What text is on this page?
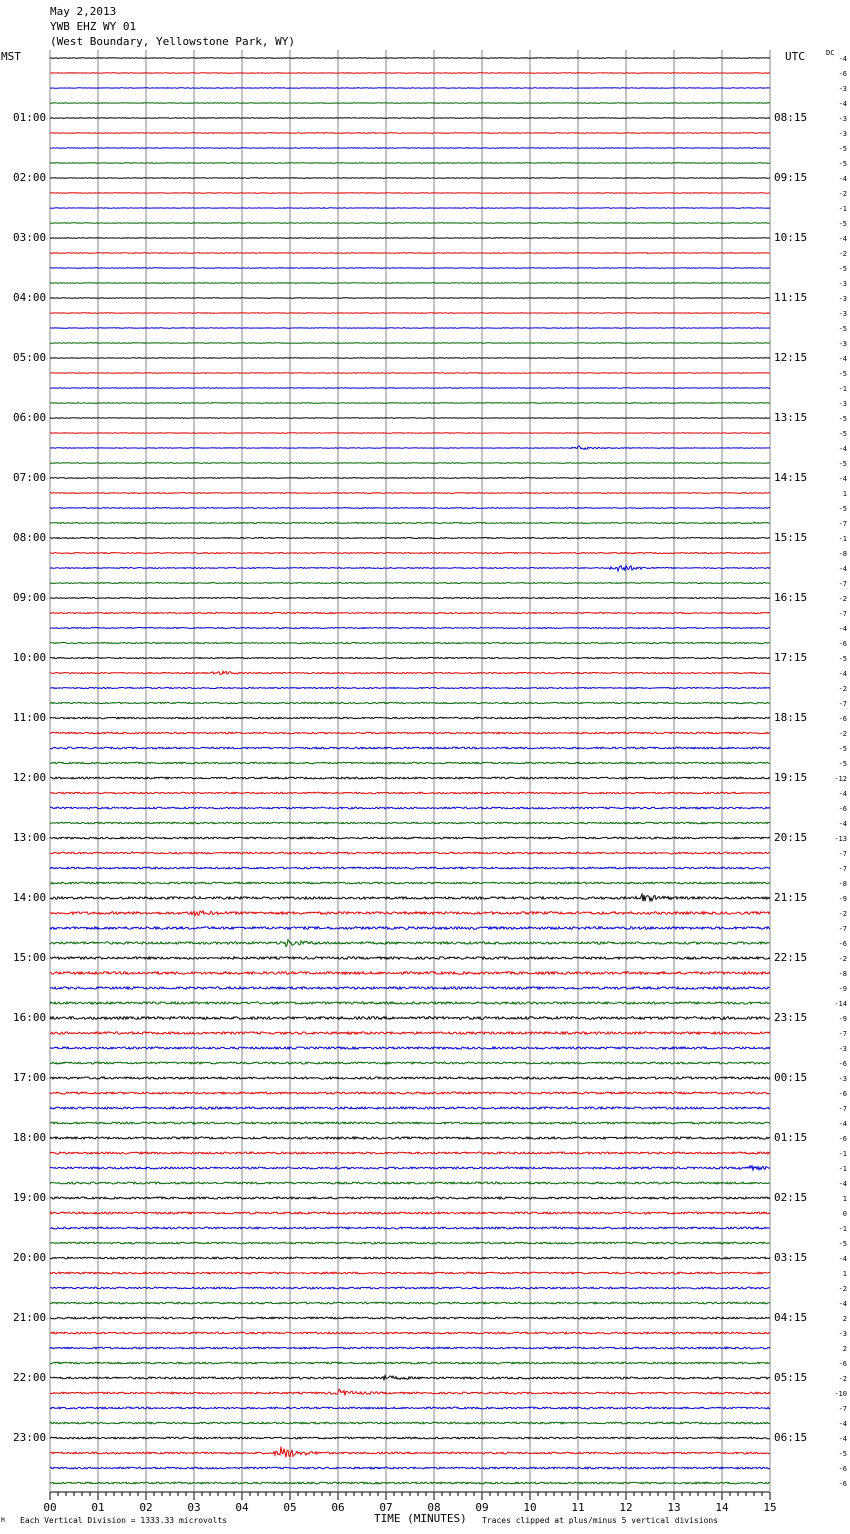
May 2,2013
YWB EHZ WY 01
(West Boundary, Yellowstone Park, WY)
MST	UTC	DC
-4
-6
-3
-4
-3
-3
-5
-5
-4
-2
-1
-5
-4
-2
-5
-3
-3
-3
-5
-3
-4
-5
-1
-3
-5
-5
-4
-5
-4
1
-5
-7
-1
-8
-4
-7
-2
-7
-4
-6
-5
-4
-2
-7
-6
-2
-5
-5
-12
-4
-6
-4
-13
-7
-7
-8
-9
-2
-7
-6
-2
-8
-9
-14
-9
-7
-3
-6
-3
-6
-7
-4
-6
-1
-1
-4
1
0
-1
-5
-4
1
-2
-4
2
-3
2
-6
-2
-10
-7
-4
-4
-5
-6
-6
00	01	02	03	04	05	06	07	08	09	10	11	12	13	14	15
01:00	08:15
02:00	09:15
03:00	10:15
04:00	11:15
05:00	12:15
06:00	13:15
07:00	14:15
08:00	15:15
09:00	16:15
10:00	17:15
11:00	18:15
12:00	19:15
13:00	20:15
14:00	21:15
15:00	22:15
16:00	23:15
17:00	00:15
18:00	01:15
19:00	02:15
20:00	03:15
21:00	04:15
22:00	05:15
23:00	06:15
M Each Vertical Division = 1333.33 microvolts	TIME (MINUTES) Traces clipped at plus/minus 5 vertical divisions
